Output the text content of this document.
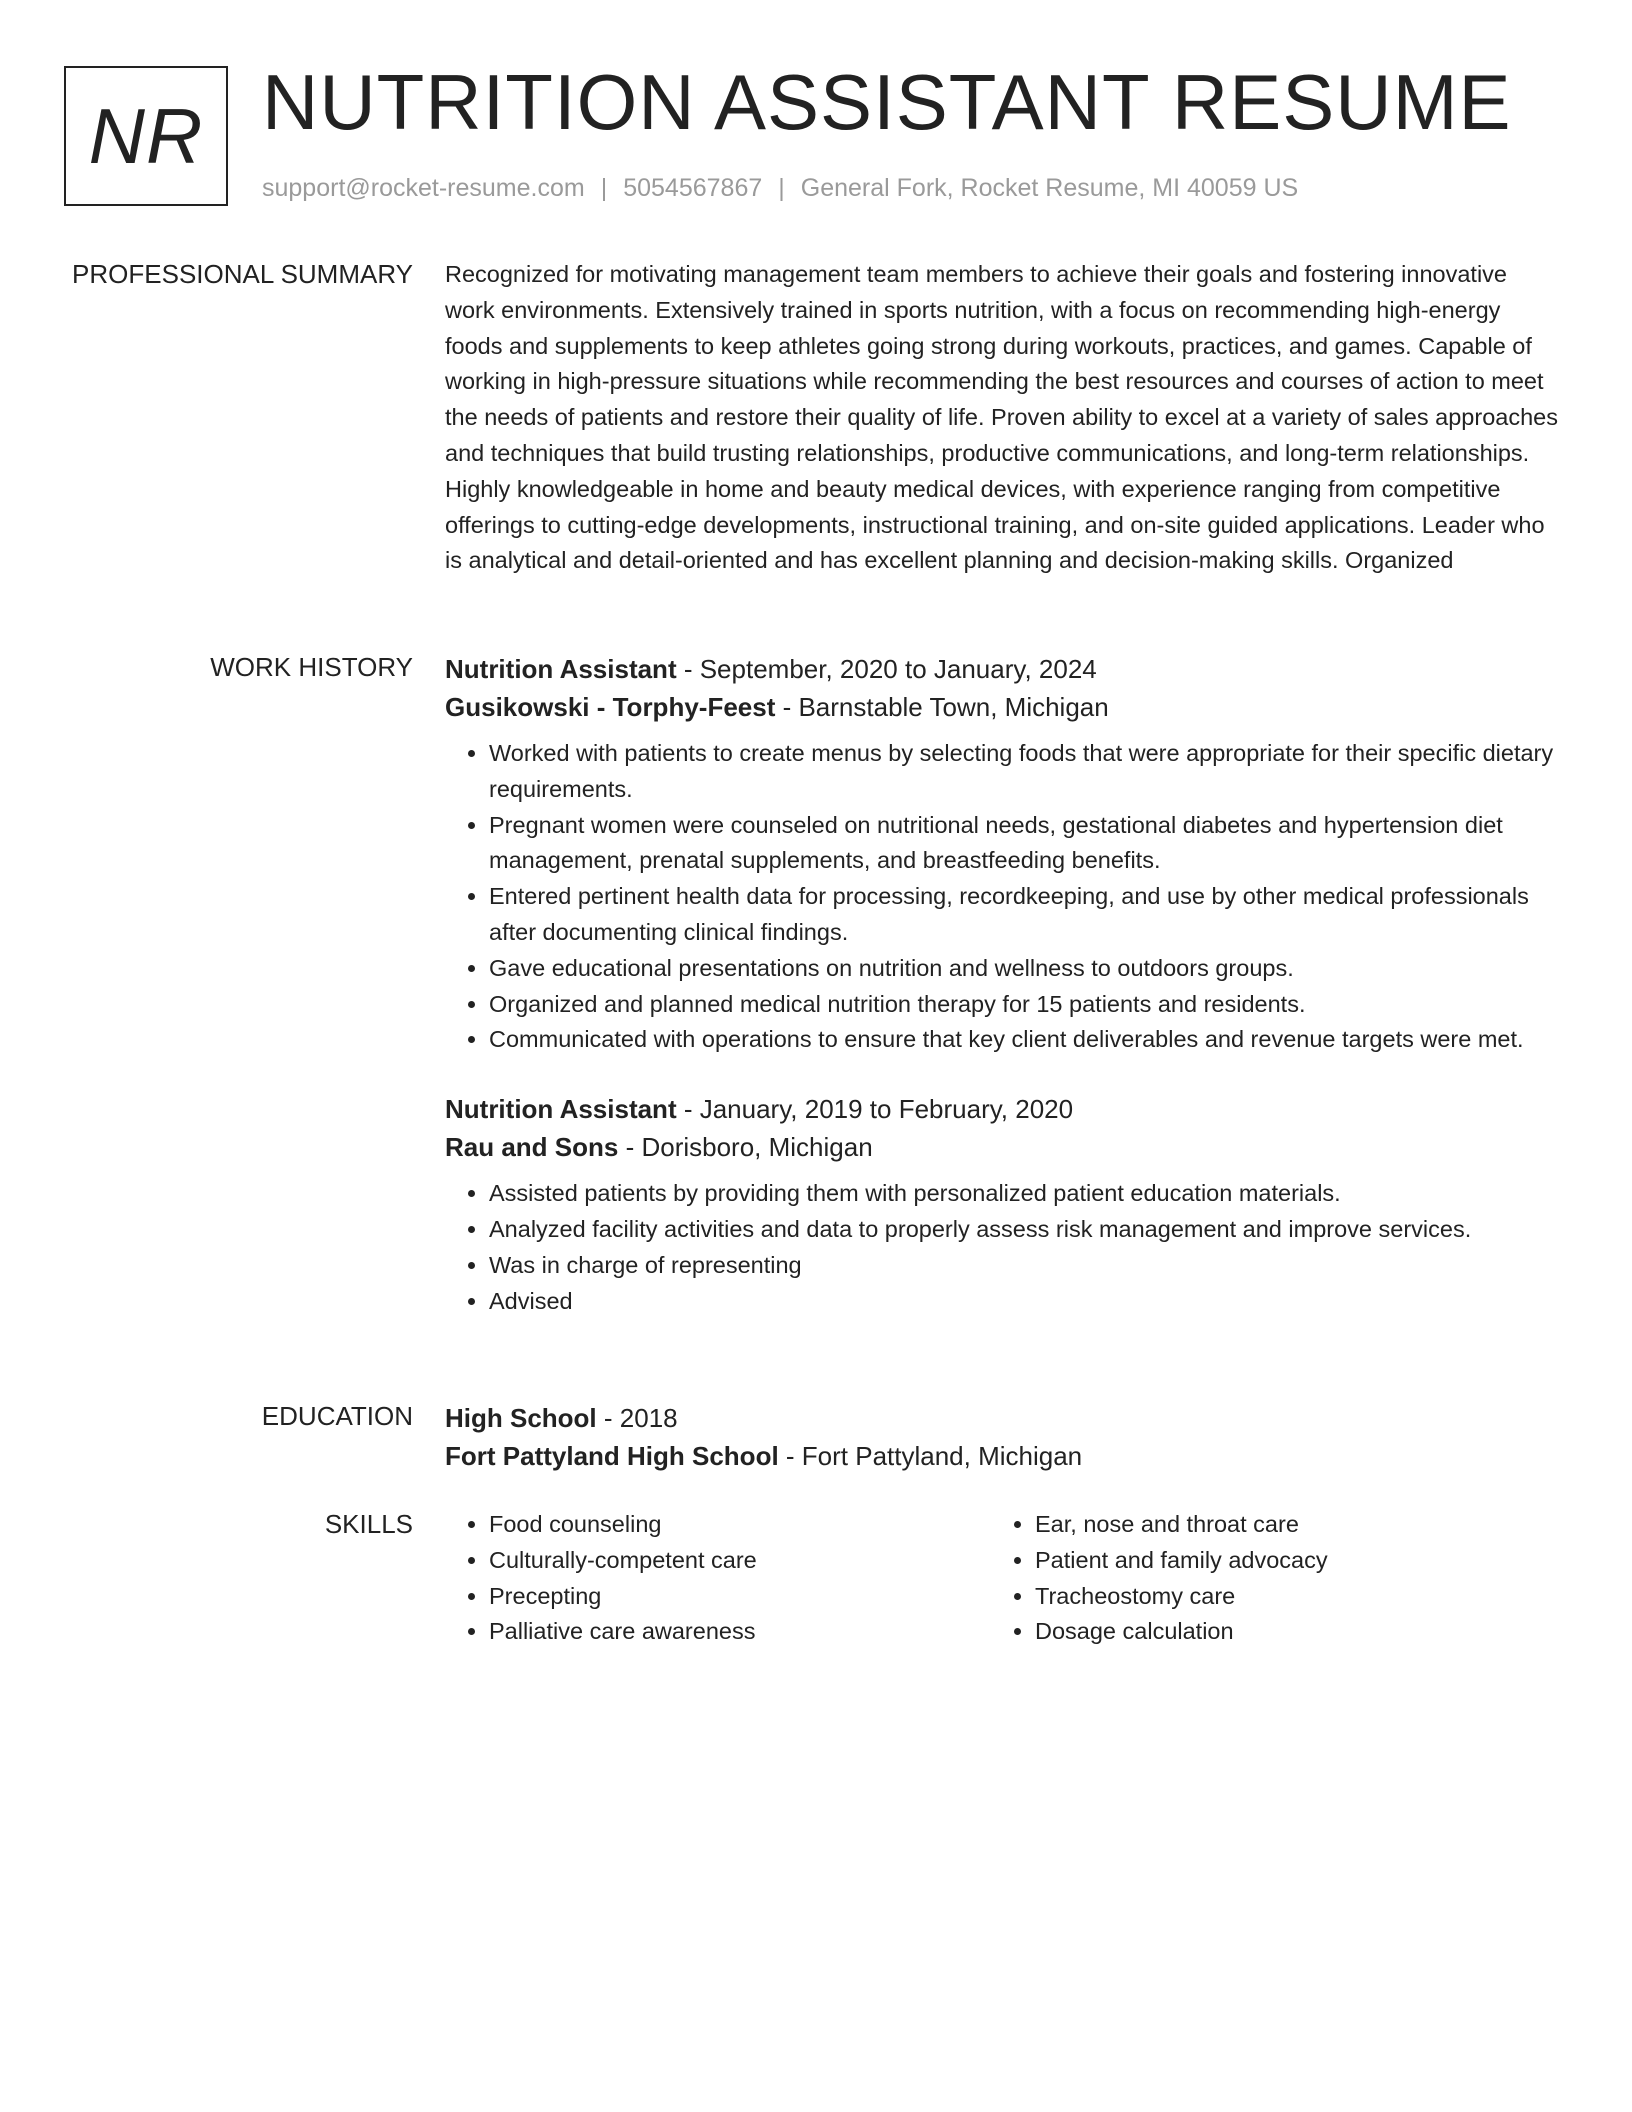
NR NUTRITION ASSISTANT RESUME
support@rocket-resume.com | 5054567867 | General Fork, Rocket Resume, MI 40059 US
PROFESSIONAL SUMMARY Recognized for motivating management team members to achieve their goals and fostering innovative work environments. Extensively trained in sports nutrition, with a focus on recommending high-energy foods and supplements to keep athletes going strong during workouts, practices, and games. Capable of working in high-pressure situations while recommending the best resources and courses of action to meet the needs of patients and restore their quality of life. Proven ability to excel at a variety of sales approaches and techniques that build trusting relationships, productive communications, and long-term relationships. Highly knowledgeable in home and beauty medical devices, with experience ranging from competitive offerings to cutting-edge developments, instructional training, and on-site guided applications. Leader who is analytical and detail-oriented and has excellent planning and decision-making skills. Organized

WORK HISTORY Nutrition Assistant - September, 2020 to January, 2024
Gusikowski - Torphy-Feest - Barnstable Town, Michigan
• Worked with patients to create menus by selecting foods that were appropriate for their specific dietary requirements.
• Pregnant women were counseled on nutritional needs, gestational diabetes and hypertension diet management, prenatal supplements, and breastfeeding benefits.
• Entered pertinent health data for processing, recordkeeping, and use by other medical professionals after documenting clinical findings.
• Gave educational presentations on nutrition and wellness to outdoors groups.
• Organized and planned medical nutrition therapy for 15 patients and residents.
• Communicated with operations to ensure that key client deliverables and revenue targets were met.
Nutrition Assistant - January, 2019 to February, 2020
Rau and Sons - Dorisboro, Michigan
• Assisted patients by providing them with personalized patient education materials.
• Analyzed facility activities and data to properly assess risk management and improve services.
• Was in charge of representing
• Advised
EDUCATION High School - 2018
Fort Pattyland High School - Fort Pattyland, Michigan
SKILLS
•	Food counseling
• Culturally-competent care
• Precepting
• Palliative care awareness
• Ear, nose and throat care
• Patient and family advocacy
• Tracheostomy care
• Dosage calculation
